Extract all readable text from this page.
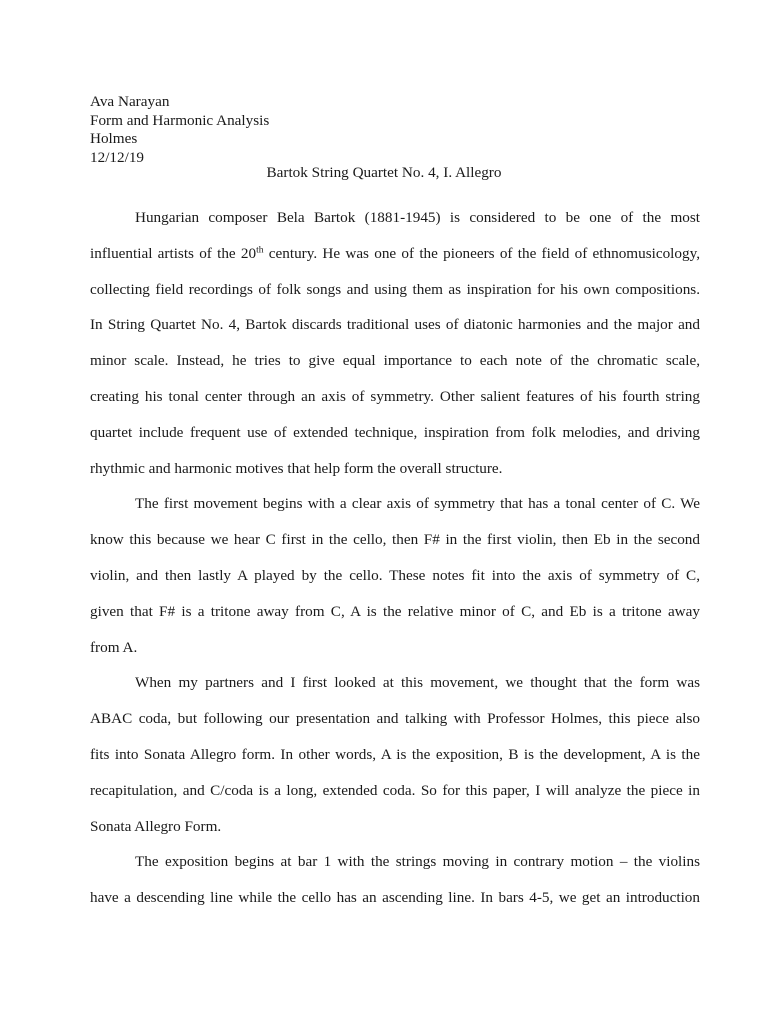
Ava Narayan
Form and Harmonic Analysis
Holmes
12/12/19
Bartok String Quartet No. 4, I. Allegro
Hungarian composer Bela Bartok (1881-1945) is considered to be one of the most
influential artists of the 20th century. He was one of the pioneers of the field of ethnomusicology,
collecting field recordings of folk songs and using them as inspiration for his own compositions.
In String Quartet No. 4, Bartok discards traditional uses of diatonic harmonies and the major and
minor scale. Instead, he tries to give equal importance to each note of the chromatic scale,
creating his tonal center through an axis of symmetry. Other salient features of his fourth string
quartet include frequent use of extended technique, inspiration from folk melodies, and driving
rhythmic and harmonic motives that help form the overall structure.
The first movement begins with a clear axis of symmetry that has a tonal center of C. We
know this because we hear C first in the cello, then F# in the first violin, then Eb in the second
violin, and then lastly A played by the cello. These notes fit into the axis of symmetry of C,
given that F# is a tritone away from C, A is the relative minor of C, and Eb is a tritone away
from A.
When my partners and I first looked at this movement, we thought that the form was
ABAC coda, but following our presentation and talking with Professor Holmes, this piece also
fits into Sonata Allegro form. In other words, A is the exposition, B is the development, A is the
recapitulation, and C/coda is a long, extended coda. So for this paper, I will analyze the piece in
Sonata Allegro Form.
The exposition begins at bar 1 with the strings moving in contrary motion – the violins
have a descending line while the cello has an ascending line. In bars 4-5, we get an introduction
